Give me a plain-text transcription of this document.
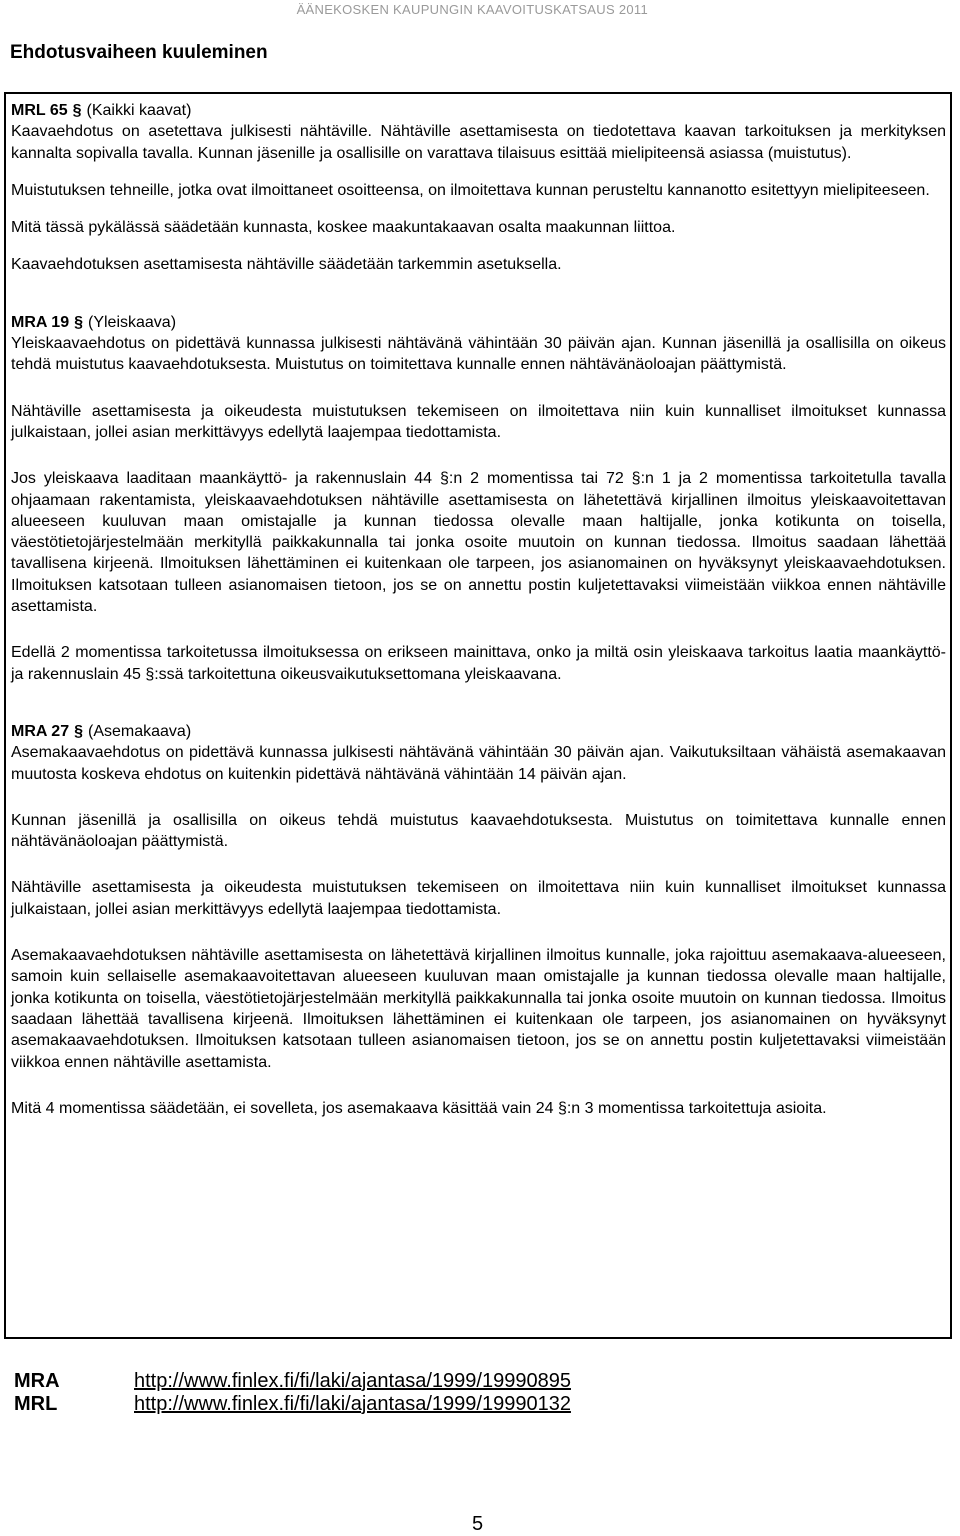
ÄÄNEKOSKEN KAUPUNGIN KAAVOITUSKATSAUS 2011
Ehdotusvaiheen kuuleminen
MRL 65 § (Kaikki kaavat)

Kaavaehdotus on asetettava julkisesti nähtäville. Nähtäville asettamisesta on tiedotettava kaavan tarkoituksen ja merkityksen kannalta sopivalla tavalla. Kunnan jäsenille ja osallisille on varattava tilaisuus esittää mielipiteensä asiassa (muistutus).

Muistutuksen tehneille, jotka ovat ilmoittaneet osoitteensa, on ilmoitettava kunnan perusteltu kannanotto esitettyyn mielipiteeseen.

Mitä tässä pykälässä säädetään kunnasta, koskee maakuntakaavan osalta maakunnan liittoa.

Kaavaehdotuksen asettamisesta nähtäville säädetään tarkemmin asetuksella.

MRA 19 § (Yleiskaava)

Yleiskaavaehdotus on pidettävä kunnassa julkisesti nähtävänä vähintään 30 päivän ajan. Kunnan jäsenillä ja osallisilla on oikeus tehdä muistutus kaavaehdotuksesta. Muistutus on toimitettava kunnalle ennen nähtävänäoloajan päättymistä.

Nähtäville asettamisesta ja oikeudesta muistutuksen tekemiseen on ilmoitettava niin kuin kunnalliset ilmoitukset kunnassa julkaistaan, jollei asian merkittävyys edellytä laajempaa tiedottamista.

Jos yleiskaava laaditaan maankäyttö- ja rakennuslain 44 §:n 2 momentissa tai 72 §:n 1 ja 2 momentissa tarkoitetulla tavalla ohjaamaan rakentamista, yleiskaavaehdotuksen nähtäville asettamisesta on lähetettävä kirjallinen ilmoitus yleiskaavoitettavan alueeseen kuuluvan maan omistajalle ja kunnan tiedossa olevalle maan haltijalle, jonka kotikunta on toisella, väestötietojärjestelmään merkityllä paikkakunnalla tai jonka osoite muutoin on kunnan tiedossa. Ilmoitus saadaan lähettää tavallisena kirjeenä. Ilmoituksen lähettäminen ei kuitenkaan ole tarpeen, jos asianomainen on hyväksynyt yleiskaavaehdotuksen. Ilmoituksen katsotaan tulleen asianomaisen tietoon, jos se on annettu postin kuljetettavaksi viimeistään viikkoa ennen nähtäville asettamista.

Edellä 2 momentissa tarkoitetussa ilmoituksessa on erikseen mainittava, onko ja miltä osin yleiskaava tarkoitus laatia maankäyttö- ja rakennuslain 45 §:ssä tarkoitettuna oikeusvaikutuksettomana yleiskaavana.

MRA 27 § (Asemakaava)

Asemakaavaehdotus on pidettävä kunnassa julkisesti nähtävänä vähintään 30 päivän ajan. Vaikutuksiltaan vähäistä asemakaavan muutosta koskeva ehdotus on kuitenkin pidettävä nähtävänä vähintään 14 päivän ajan.

Kunnan jäsenillä ja osallisilla on oikeus tehdä muistutus kaavaehdotuksesta. Muistutus on toimitettava kunnalle ennen nähtävänäoloajan päättymistä.

Nähtäville asettamisesta ja oikeudesta muistutuksen tekemiseen on ilmoitettava niin kuin kunnalliset ilmoitukset kunnassa julkaistaan, jollei asian merkittävyys edellytä laajempaa tiedottamista.

Asemakaavaehdotuksen nähtäville asettamisesta on lähetettävä kirjallinen ilmoitus kunnalle, joka rajoittuu asemakaava-alueeseen, samoin kuin sellaiselle asemakaavoitettavan alueeseen kuuluvan maan omistajalle ja kunnan tiedossa olevalle maan haltijalle, jonka kotikunta on toisella, väestötietojärjestelmään merkityllä paikkakunnalla tai jonka osoite muutoin on kunnan tiedossa. Ilmoitus saadaan lähettää tavallisena kirjeenä. Ilmoituksen lähettäminen ei kuitenkaan ole tarpeen, jos asianomainen on hyväksynyt asemakaavaehdotuksen. Ilmoituksen katsotaan tulleen asianomaisen tietoon, jos se on annettu postin kuljetettavaksi viimeistään viikkoa ennen nähtäville asettamista.

Mitä 4 momentissa säädetään, ei sovelleta, jos asemakaava käsittää vain 24 §:n 3 momentissa tarkoitettuja asioita.

MRA	http://www.finlex.fi/fi/laki/ajantasa/1999/19990895
MRL	http://www.finlex.fi/fi/laki/ajantasa/1999/19990132
5
